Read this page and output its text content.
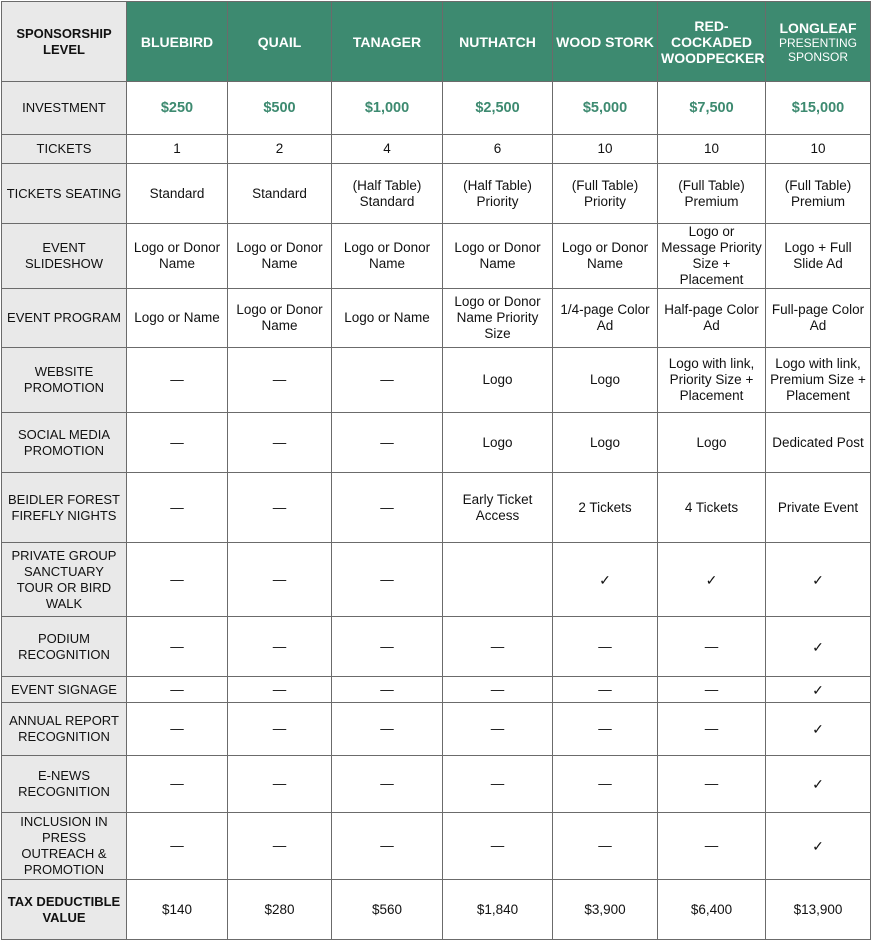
SPONSORSHIP LEVEL	BLUEBIRD	QUAIL	TANAGER	NUTHATCH	WOOD STORK	RED-COCKADED WOODPECKER	LONGLEAF
PRESENTING SPONSOR

INVESTMENT	$250	$500	$1,000	$2,500	$5,000	$7,500	$15,000
TICKETS	1	2	4	6	10	10	10
TICKETS SEATING	Standard	Standard	(Half Table) Standard	(Half Table) Priority	(Full Table) Priority	(Full Table) Premium	(Full Table) Premium
EVENT SLIDESHOW	Logo or Donor Name	Logo or Donor Name	Logo or Donor Name	Logo or Donor Name	Logo or Donor Name	Logo or Message Priority Size + Placement	Logo + Full Slide Ad
EVENT PROGRAM	Logo or Name	Logo or Donor Name	Logo or Name	Logo or Donor Name Priority Size	1/4-page Color Ad	Half-page Color Ad	Full-page Color Ad
WEBSITE PROMOTION	—	—	—	Logo	Logo	Logo with link, Priority Size + Placement	Logo with link, Premium Size + Placement
SOCIAL MEDIA PROMOTION	—	—	—	Logo	Logo	Logo	Dedicated Post
BEIDLER FOREST FIREFLY NIGHTS	—	—	—	Early Ticket Access	2 Tickets	4 Tickets	Private Event
PRIVATE GROUP SANCTUARY TOUR OR BIRD WALK	—	—	—		✓	✓	✓
PODIUM RECOGNITION	—	—	—	—	—	—	✓
EVENT SIGNAGE	—	—	—	—	—	—	✓
ANNUAL REPORT RECOGNITION	—	—	—	—	—	—	✓
E-NEWS RECOGNITION	—	—	—	—	—	—	✓
INCLUSION IN PRESS OUTREACH & PROMOTION	—	—	—	—	—	—	✓
TAX DEDUCTIBLE VALUE	$140	$280	$560	$1,840	$3,900	$6,400	$13,900
